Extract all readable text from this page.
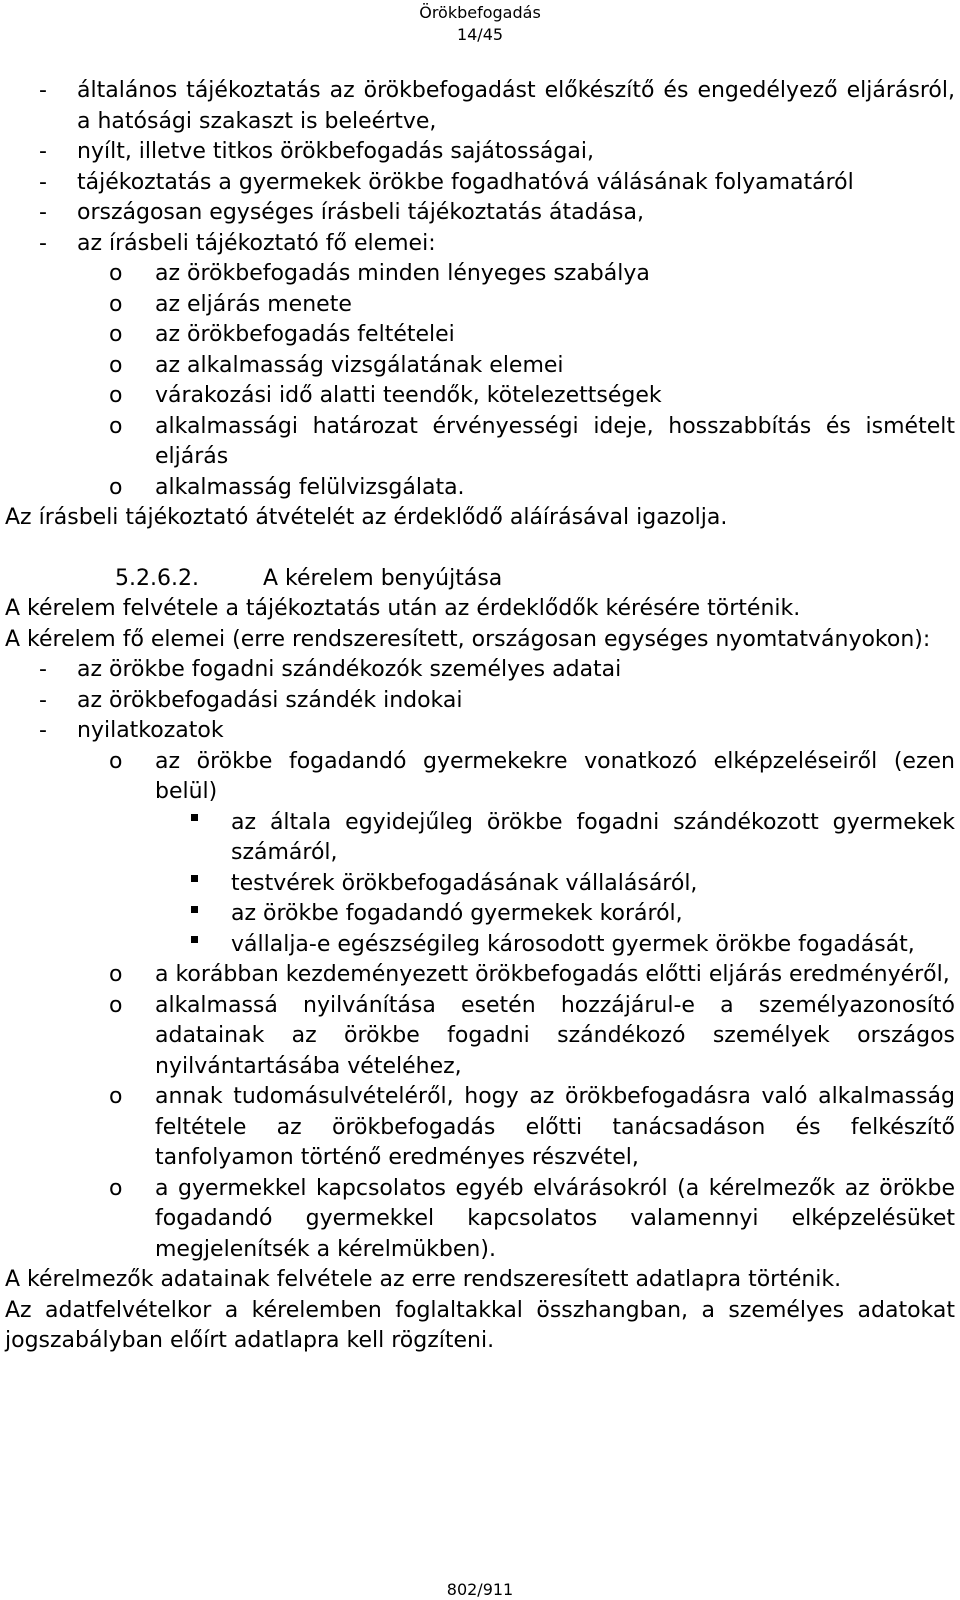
Örökbefogadás
14/45
-	általános tájékoztatás az örökbefogadást előkészítő és engedélyező eljárásról, a hatósági szakaszt is beleértve,
-	nyílt, illetve titkos örökbefogadás sajátosságai,
-	tájékoztatás a gyermekek örökbe fogadhatóvá válásának folyamatáról
-	országosan egységes írásbeli tájékoztatás átadása,
-	az írásbeli tájékoztató fő elemei:
o	az örökbefogadás minden lényeges szabálya
o	az eljárás menete
o	az örökbefogadás feltételei
o	az alkalmasság vizsgálatának elemei
o	várakozási idő alatti teendők, kötelezettségek
o	alkalmassági határozat érvényességi ideje, hosszabbítás és ismételt eljárás
o	alkalmasság felülvizsgálata.
Az írásbeli tájékoztató átvételét az érdeklődő aláírásával igazolja.
5.2.6.2.	A kérelem benyújtása
A kérelem felvétele a tájékoztatás után az érdeklődők kérésére történik.
A kérelem fő elemei (erre rendszeresített, országosan egységes nyomtatványokon):
-	az örökbe fogadni szándékozók személyes adatai
-	az örökbefogadási szándék indokai
-	nyilatkozatok
o	az örökbe fogadandó gyermekekre vonatkozó elképzeléseiről (ezen belül)
az általa egyidejűleg örökbe fogadni szándékozott gyermekek számáról,
testvérek örökbefogadásának vállalásáról,
az örökbe fogadandó gyermekek koráról,
vállalja-e egészségileg károsodott gyermek örökbe fogadását,
o	a korábban kezdeményezett örökbefogadás előtti eljárás eredményéről,
o	alkalmassá nyilvánítása esetén hozzájárul-e a személyazonosító adatainak az örökbe fogadni szándékozó személyek országos nyilvántartásába vételéhez,
o	annak tudomásulvételéről, hogy az örökbefogadásra való alkalmasság feltétele az örökbefogadás előtti tanácsadáson és felkészítő tanfolyamon történő eredményes részvétel,
o	a gyermekkel kapcsolatos egyéb elvárásokról (a kérelmezők az örökbe fogadandó gyermekkel kapcsolatos valamennyi elképzelésüket megjelenítsék a kérelmükben).
A kérelmezők adatainak felvétele az erre rendszeresített adatlapra történik.
Az adatfelvételkor a kérelemben foglaltakkal összhangban, a személyes adatokat jogszabályban előírt adatlapra kell rögzíteni.
802/911
